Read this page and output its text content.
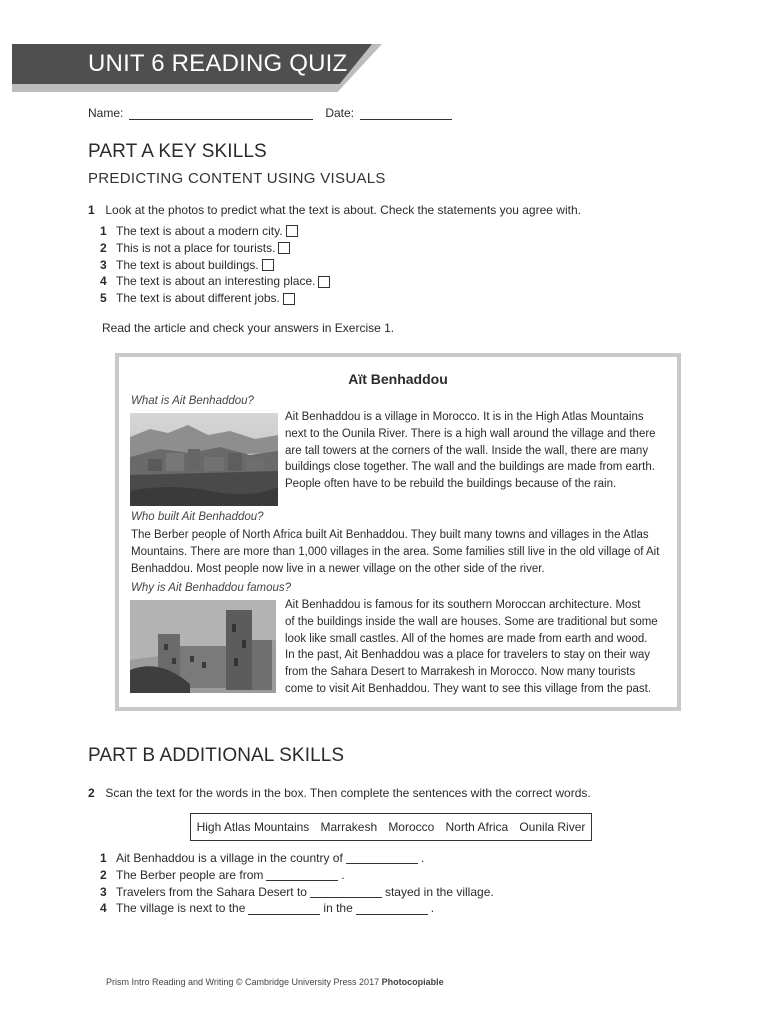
UNIT 6 READING QUIZ
Name:	Date:
PART A KEY SKILLS
PREDICTING CONTENT USING VISUALS
1 Look at the photos to predict what the text is about. Check the statements you agree with.
1 The text is about a modern city.
2 This is not a place for tourists.
3 The text is about buildings.
4 The text is about an interesting place.
5 The text is about different jobs.
Read the article and check your answers in Exercise 1.
Aït Benhaddou
What is Ait Benhaddou?
Ait Benhaddou is a village in Morocco. It is in the High Atlas Mountains
next to the Ounila River. There is a high wall around the village and there
are tall towers at the corners of the wall. Inside the wall, there are many
buildings close together. The wall and the buildings are made from earth.
People often have to be rebuild the buildings because of the rain.
Who built Ait Benhaddou?
The Berber people of North Africa built Ait Benhaddou. They built many towns and villages in the Atlas
Mountains. There are more than 1,000 villages in the area. Some families still live in the old village of Ait
Benhaddou. Most people now live in a newer village on the other side of the river.
Why is Ait Benhaddou famous?
Ait Benhaddou is famous for its southern Moroccan architecture. Most
of the buildings inside the wall are houses. Some are traditional but some
look like small castles. All of the homes are made from earth and wood.
In the past, Ait Benhaddou was a place for travelers to stay on their way
from the Sahara Desert to Marrakesh in Morocco. Now many tourists
come to visit Ait Benhaddou. They want to see this village from the past.
PART B ADDITIONAL SKILLS
2 Scan the text for the words in the box. Then complete the sentences with the correct words.
High Atlas Mountains Marrakesh Morocco North Africa Ounila River
1 Ait Benhaddou is a village in the country of	.
2 The Berber people are from	.
3 Travelers from the Sahara Desert to	stayed in the village.
4 The village is next to the	in the	.
Prism Intro Reading and Writing © Cambridge University Press 2017 Photocopiable
